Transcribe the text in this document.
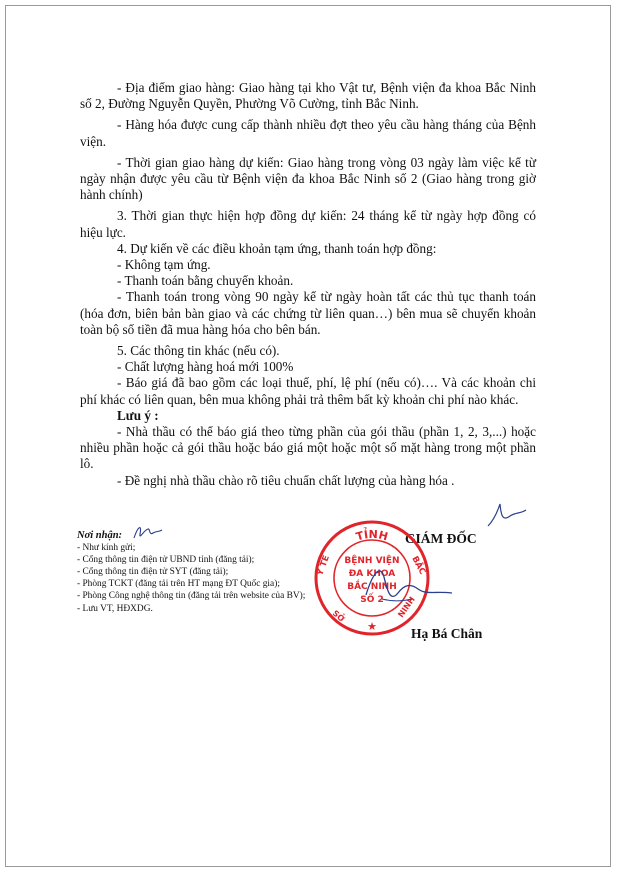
- Địa điểm giao hàng: Giao hàng tại kho Vật tư, Bệnh viện đa khoa Bắc Ninh số 2, Đường Nguyễn Quyền, Phường Võ Cường, tỉnh Bắc Ninh.

- Hàng hóa được cung cấp thành nhiều đợt theo yêu cầu hàng tháng của Bệnh viện.

- Thời gian giao hàng dự kiến: Giao hàng trong vòng 03 ngày làm việc kể từ ngày nhận được yêu cầu từ Bệnh viện đa khoa Bắc Ninh số 2 (Giao hàng trong giờ hành chính)

3. Thời gian thực hiện hợp đồng dự kiến: 24 tháng kể từ ngày hợp đồng có hiệu lực.

4. Dự kiến về các điều khoản tạm ứng, thanh toán hợp đồng:

- Không tạm ứng.

- Thanh toán bằng chuyển khoản.

- Thanh toán trong vòng 90 ngày kể từ ngày hoàn tất các thủ tục thanh toán (hóa đơn, biên bản bàn giao và các chứng từ liên quan…) bên mua sẽ chuyển khoản toàn bộ số tiền đã mua hàng hóa cho bên bán.

5. Các thông tin khác (nếu có).

- Chất lượng hàng hoá mới 100%

- Báo giá đã bao gồm các loại thuế, phí, lệ phí (nếu có)…. Và các khoản chi phí khác có liên quan, bên mua không phải trả thêm bất kỳ khoản chi phí nào khác.

Lưu ý :

- Nhà thầu có thể báo giá theo từng phần của gói thầu (phần 1, 2, 3,...) hoặc nhiều phần hoặc cả gói thầu hoặc báo giá một hoặc một số mặt hàng trong một phần lô.

- Đề nghị nhà thầu chào rõ tiêu chuẩn chất lượng của hàng hóa .

Nơi nhận:
- Như kính gửi;
- Cổng thông tin điện tử UBND tỉnh (đăng tải);
- Cổng thông tin điện tử SYT (đăng tải);
- Phòng TCKT (đăng tải trên HT mạng ĐT Quốc gia);
- Phòng Công nghệ thông tin (đăng tải trên website của BV);
- Lưu VT, HĐXDG.
GIÁM ĐỐC
TỈNH
Y TẾ	BẮC
BỆNH VIỆN
ĐA KHOA
BẮC NINH
SỐ 2
SỞ	NINH
★	Hạ Bá Chân
